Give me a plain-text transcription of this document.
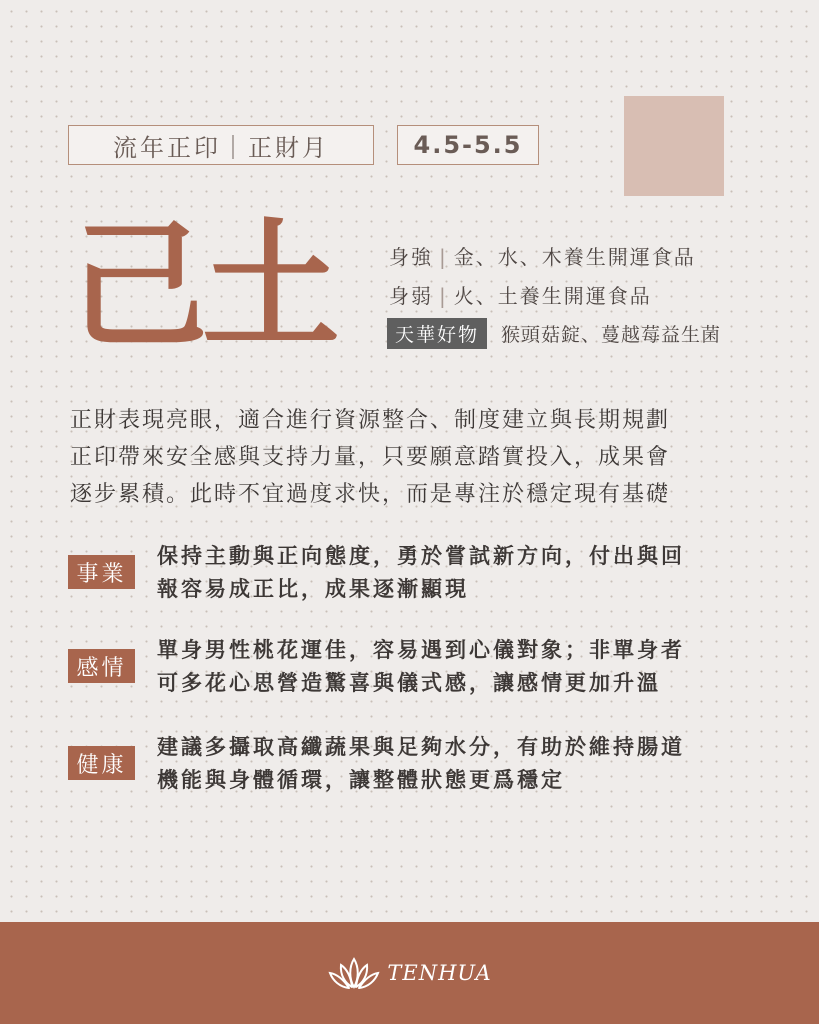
流年正印｜正財月	4.5-5.5
己土	身強 | 金、水、木養生開運食品
身弱 | 火、土養生開運食品
天華好物	猴頭菇錠、蔓越莓益生菌
正財表現亮眼，適合進行資源整合、制度建立與長期規劃
正印帶來安全感與支持力量，只要願意踏實投入，成果會
逐步累積。此時不宜過度求快，而是專注於穩定現有基礎
事業
保持主動與正向態度，勇於嘗試新方向，付出與回
報容易成正比，成果逐漸顯現
感情
單身男性桃花運佳，容易遇到心儀對象；非單身者
可多花心思營造驚喜與儀式感，讓感情更加升溫
健康
建議多攝取高纖蔬果與足夠水分，有助於維持腸道
機能與身體循環，讓整體狀態更爲穩定
TENHUA
